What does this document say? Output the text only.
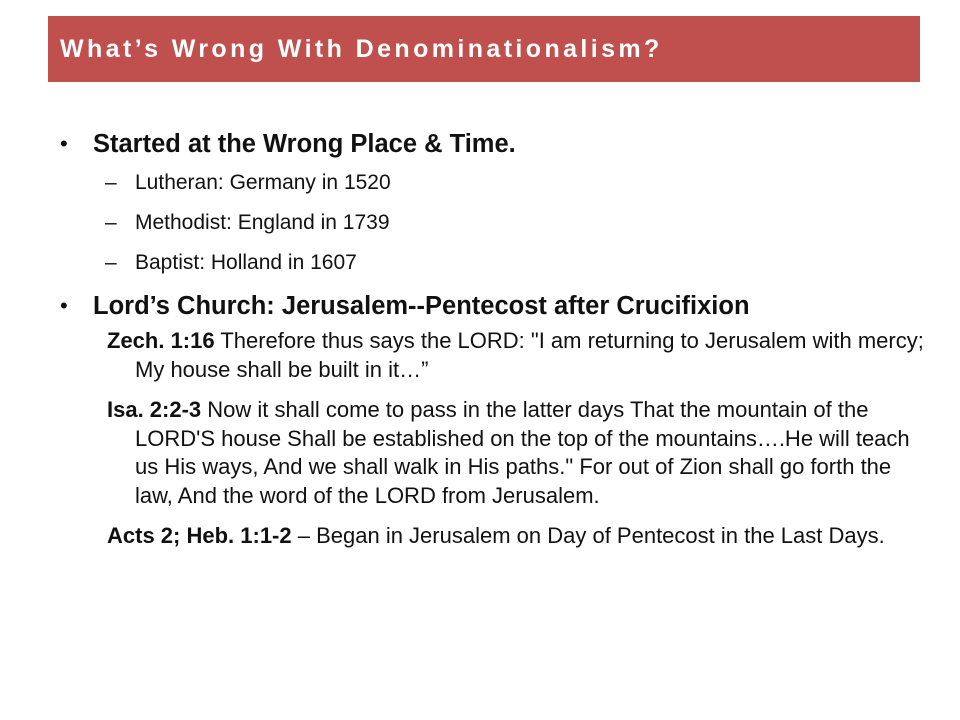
What’s Wrong With Denominationalism?
• Started at the Wrong Place & Time.
– Lutheran: Germany in 1520
– Methodist: England in 1739
– Baptist: Holland in 1607
• Lord’s Church: Jerusalem--Pentecost after Crucifixion
Zech. 1:16 Therefore thus says the LORD: "I am returning to Jerusalem with mercy; My house shall be built in it…”
Isa. 2:2-3 Now it shall come to pass in the latter days That the mountain of the LORD'S house Shall be established on the top of the mountains….He will teach us His ways, And we shall walk in His paths." For out of Zion shall go forth the law, And the word of the LORD from Jerusalem.
Acts 2; Heb. 1:1-2 – Began in Jerusalem on Day of Pentecost in the Last Days.
